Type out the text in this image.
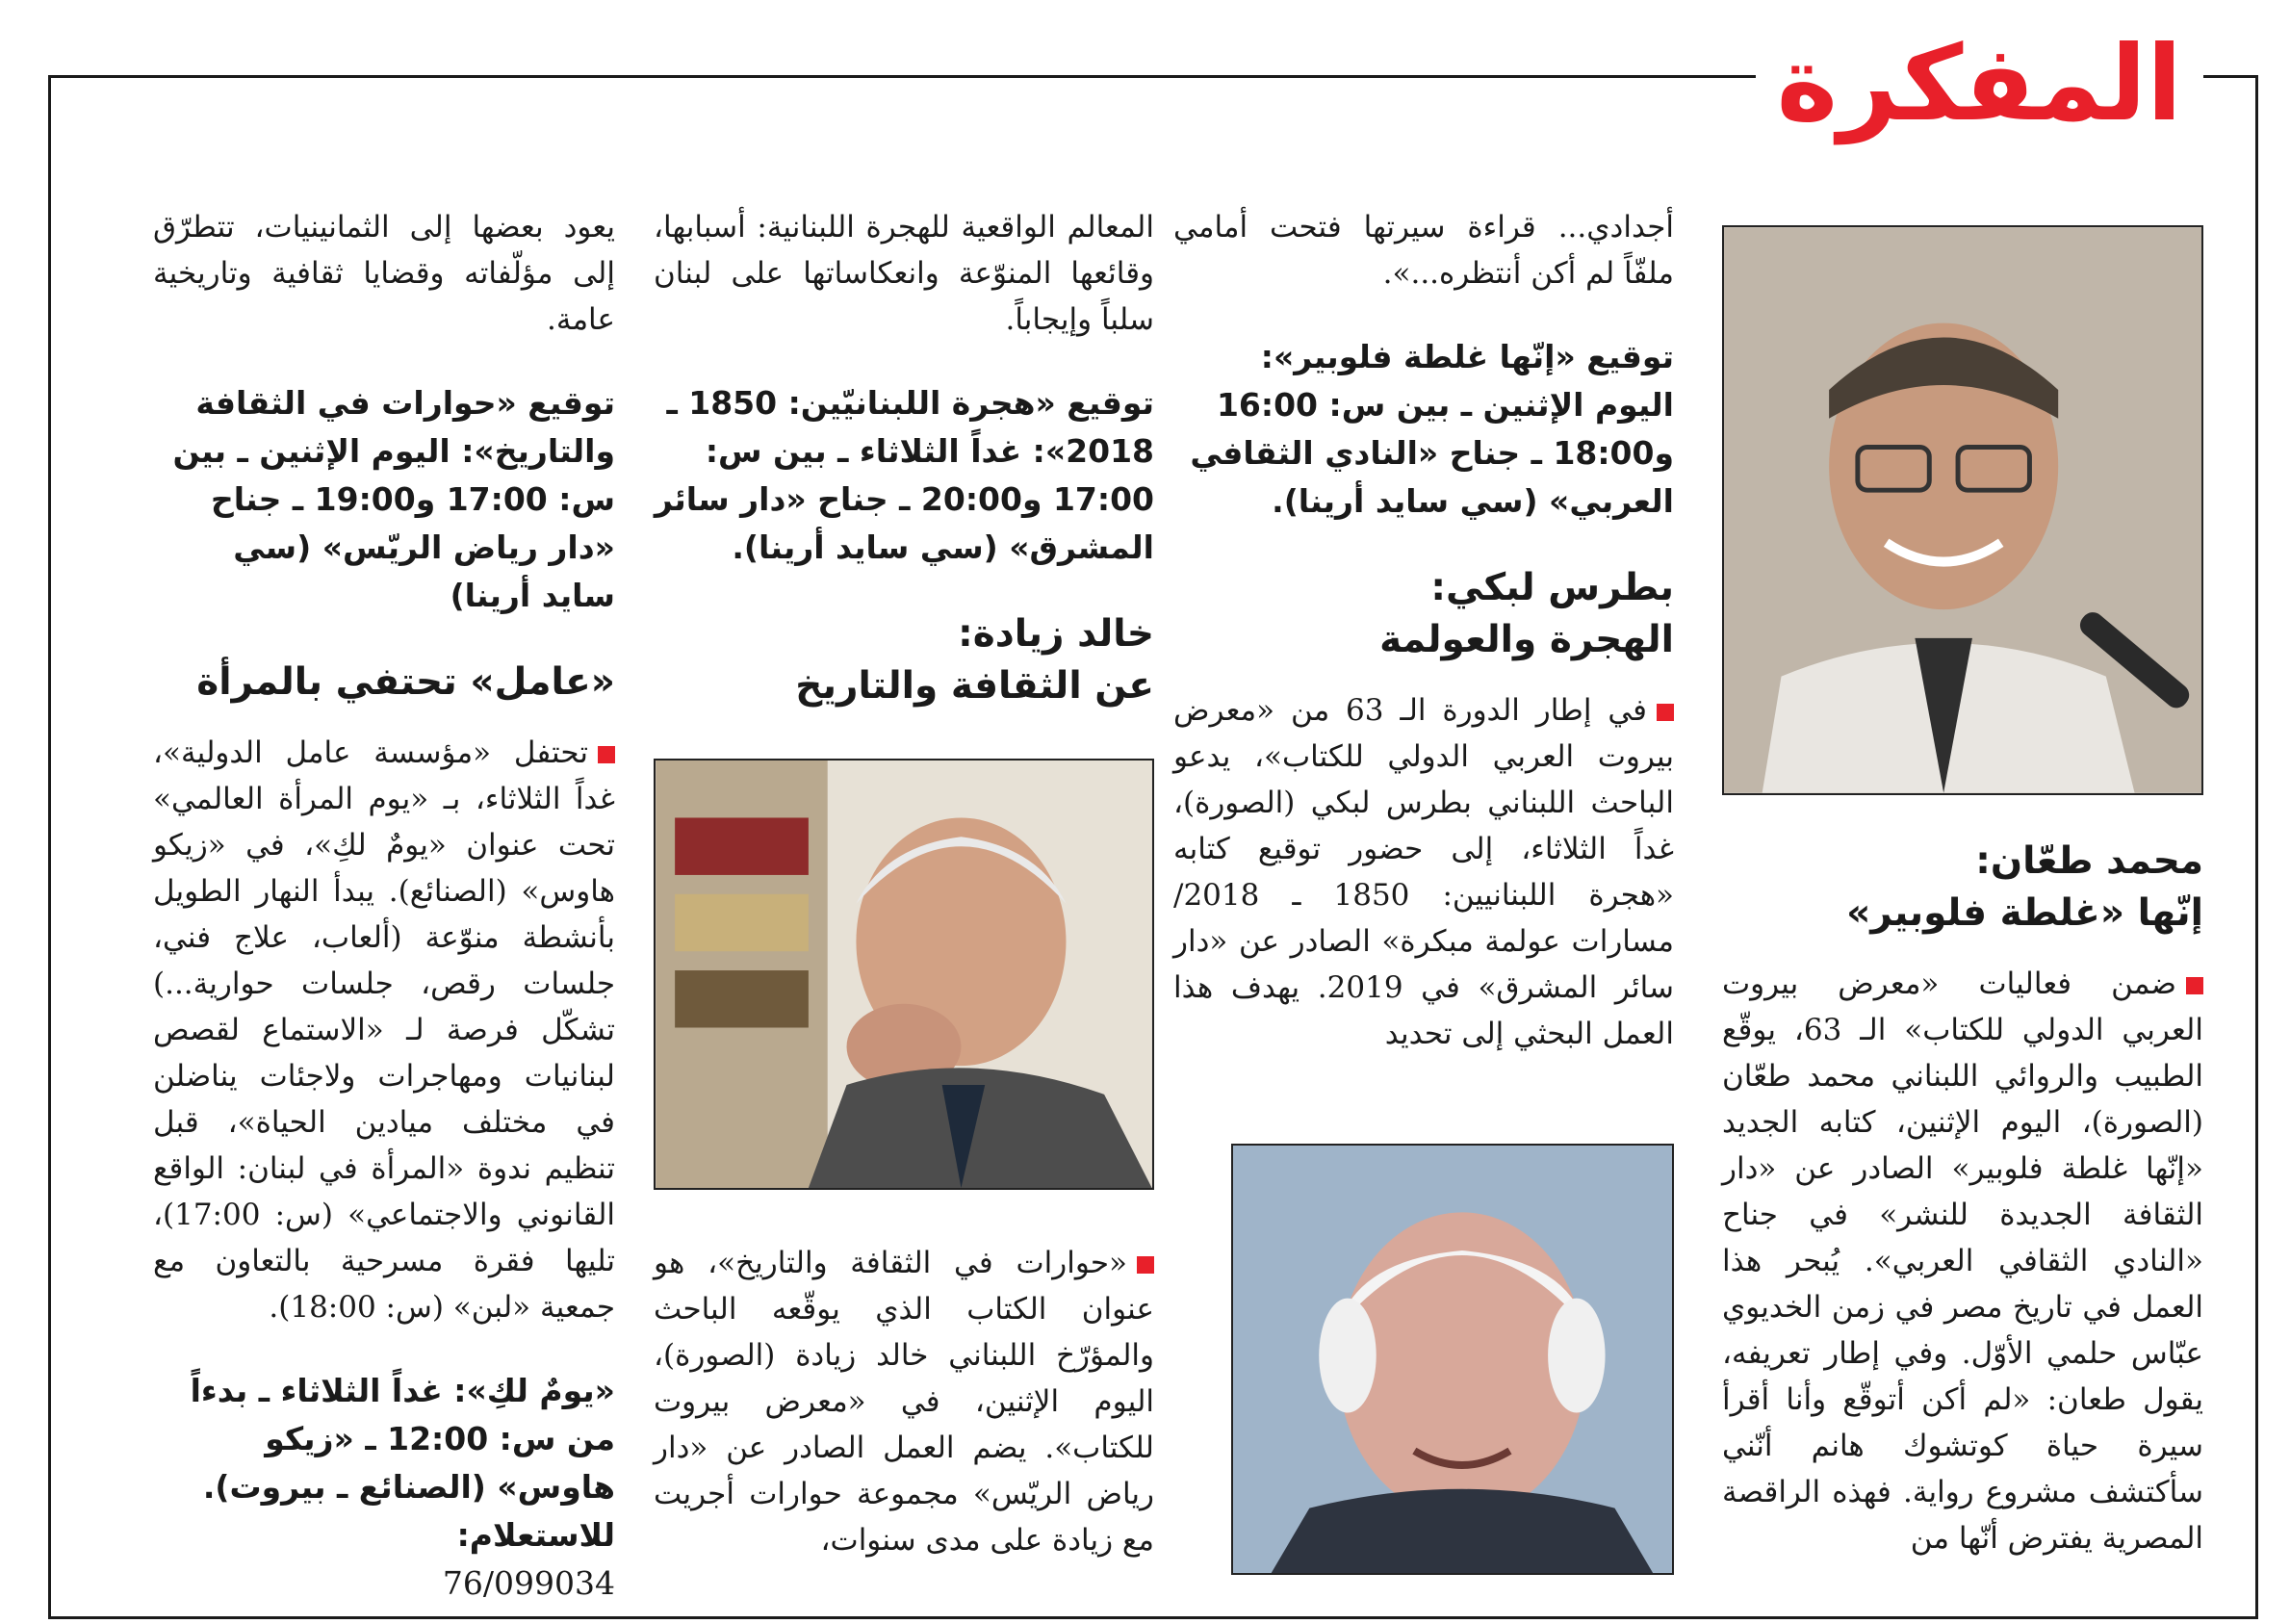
المفكرة
محمد طعّان:
إنّها «غلطة فلوبير»

ضمن فعاليات «معرض بيروت العربي الدولي للكتاب» الـ 63، يوقّع الطبيب والروائي اللبناني محمد طعّان (الصورة)، اليوم الإثنين، كتابه الجديد «إنّها غلطة فلوبير» الصادر عن «دار الثقافة الجديدة للنشر» في جناح «النادي الثقافي العربي». يُبحر هذا العمل في تاريخ مصر في زمن الخديوي عبّاس حلمي الأوّل. وفي إطار تعريفه، يقول طعان: «لم أكن أتوقّع وأنا أقرأ سيرة حياة كوتشوك هانم أنّني سأكتشف مشروع رواية. فهذه الراقصة المصرية يفترض أنّها من

أجدادي... قراءة سيرتها فتحت أمامي ملفّاً لم أكن أنتظره...».

توقيع «إنّها غلطة فلوبير»: اليوم الإثنين ـ بين س: 16:00 و18:00 ـ جناح «النادي الثقافي العربي» (سي سايد أرينا).
بطرس لبكي:
الهجرة والعولمة

في إطار الدورة الـ 63 من «معرض بيروت العربي الدولي للكتاب»، يدعو الباحث اللبناني بطرس لبكي (الصورة)، غداً الثلاثاء، إلى حضور توقيع كتابه «هجرة اللبنانيين: 1850 ـ 2018/ مسارات عولمة مبكرة» الصادر عن «دار سائر المشرق» في 2019. يهدف هذا العمل البحثي إلى تحديد

المعالم الواقعية للهجرة اللبنانية: أسبابها، وقائعها المنوّعة وانعكاساتها على لبنان سلباً وإيجاباً.

توقيع «هجرة اللبنانيّين: 1850 ـ 2018»: غداً الثلاثاء ـ بين س: 17:00 و20:00 ـ جناح «دار سائر المشرق» (سي سايد أرينا).
خالد زيادة:
عن الثقافة والتاريخ

«حوارات في الثقافة والتاريخ»، هو عنوان الكتاب الذي يوقّعه الباحث والمؤرّخ اللبناني خالد زيادة (الصورة)، اليوم الإثنين، في «معرض بيروت للكتاب». يضم العمل الصادر عن «دار رياض الريّس» مجموعة حوارات أجريت مع زيادة على مدى سنوات،

يعود بعضها إلى الثمانينيات، تتطرّق إلى مؤلّفاته وقضايا ثقافية وتاريخية عامة.

توقيع «حوارات في الثقافة والتاريخ»: اليوم الإثنين ـ بين س: 17:00 و19:00 ـ جناح «دار رياض الريّس» (سي سايد أرينا)
«عامل» تحتفي بالمرأة

تحتفل «مؤسسة عامل الدولية»، غداً الثلاثاء، بـ «يوم المرأة العالمي» تحت عنوان «يومٌ لكِ»، في «زيكو هاوس» (الصنائع). يبدأ النهار الطويل بأنشطة منوّعة (ألعاب، علاج فني، جلسات رقص، جلسات حوارية...) تشكّل فرصة لـ «الاستماع لقصص لبنانيات ومهاجرات ولاجئات يناضلن في مختلف ميادين الحياة»، قبل تنظيم ندوة «المرأة في لبنان: الواقع القانوني والاجتماعي» (س: 17:00)، تليها فقرة مسرحية بالتعاون مع جمعية «لبن» (س: 18:00).

«يومٌ لكِ»: غداً الثلاثاء ـ بدءاً من س: 12:00 ـ «زيكو هاوس» (الصنائع ـ بيروت). للاستعلام:
76/099034
